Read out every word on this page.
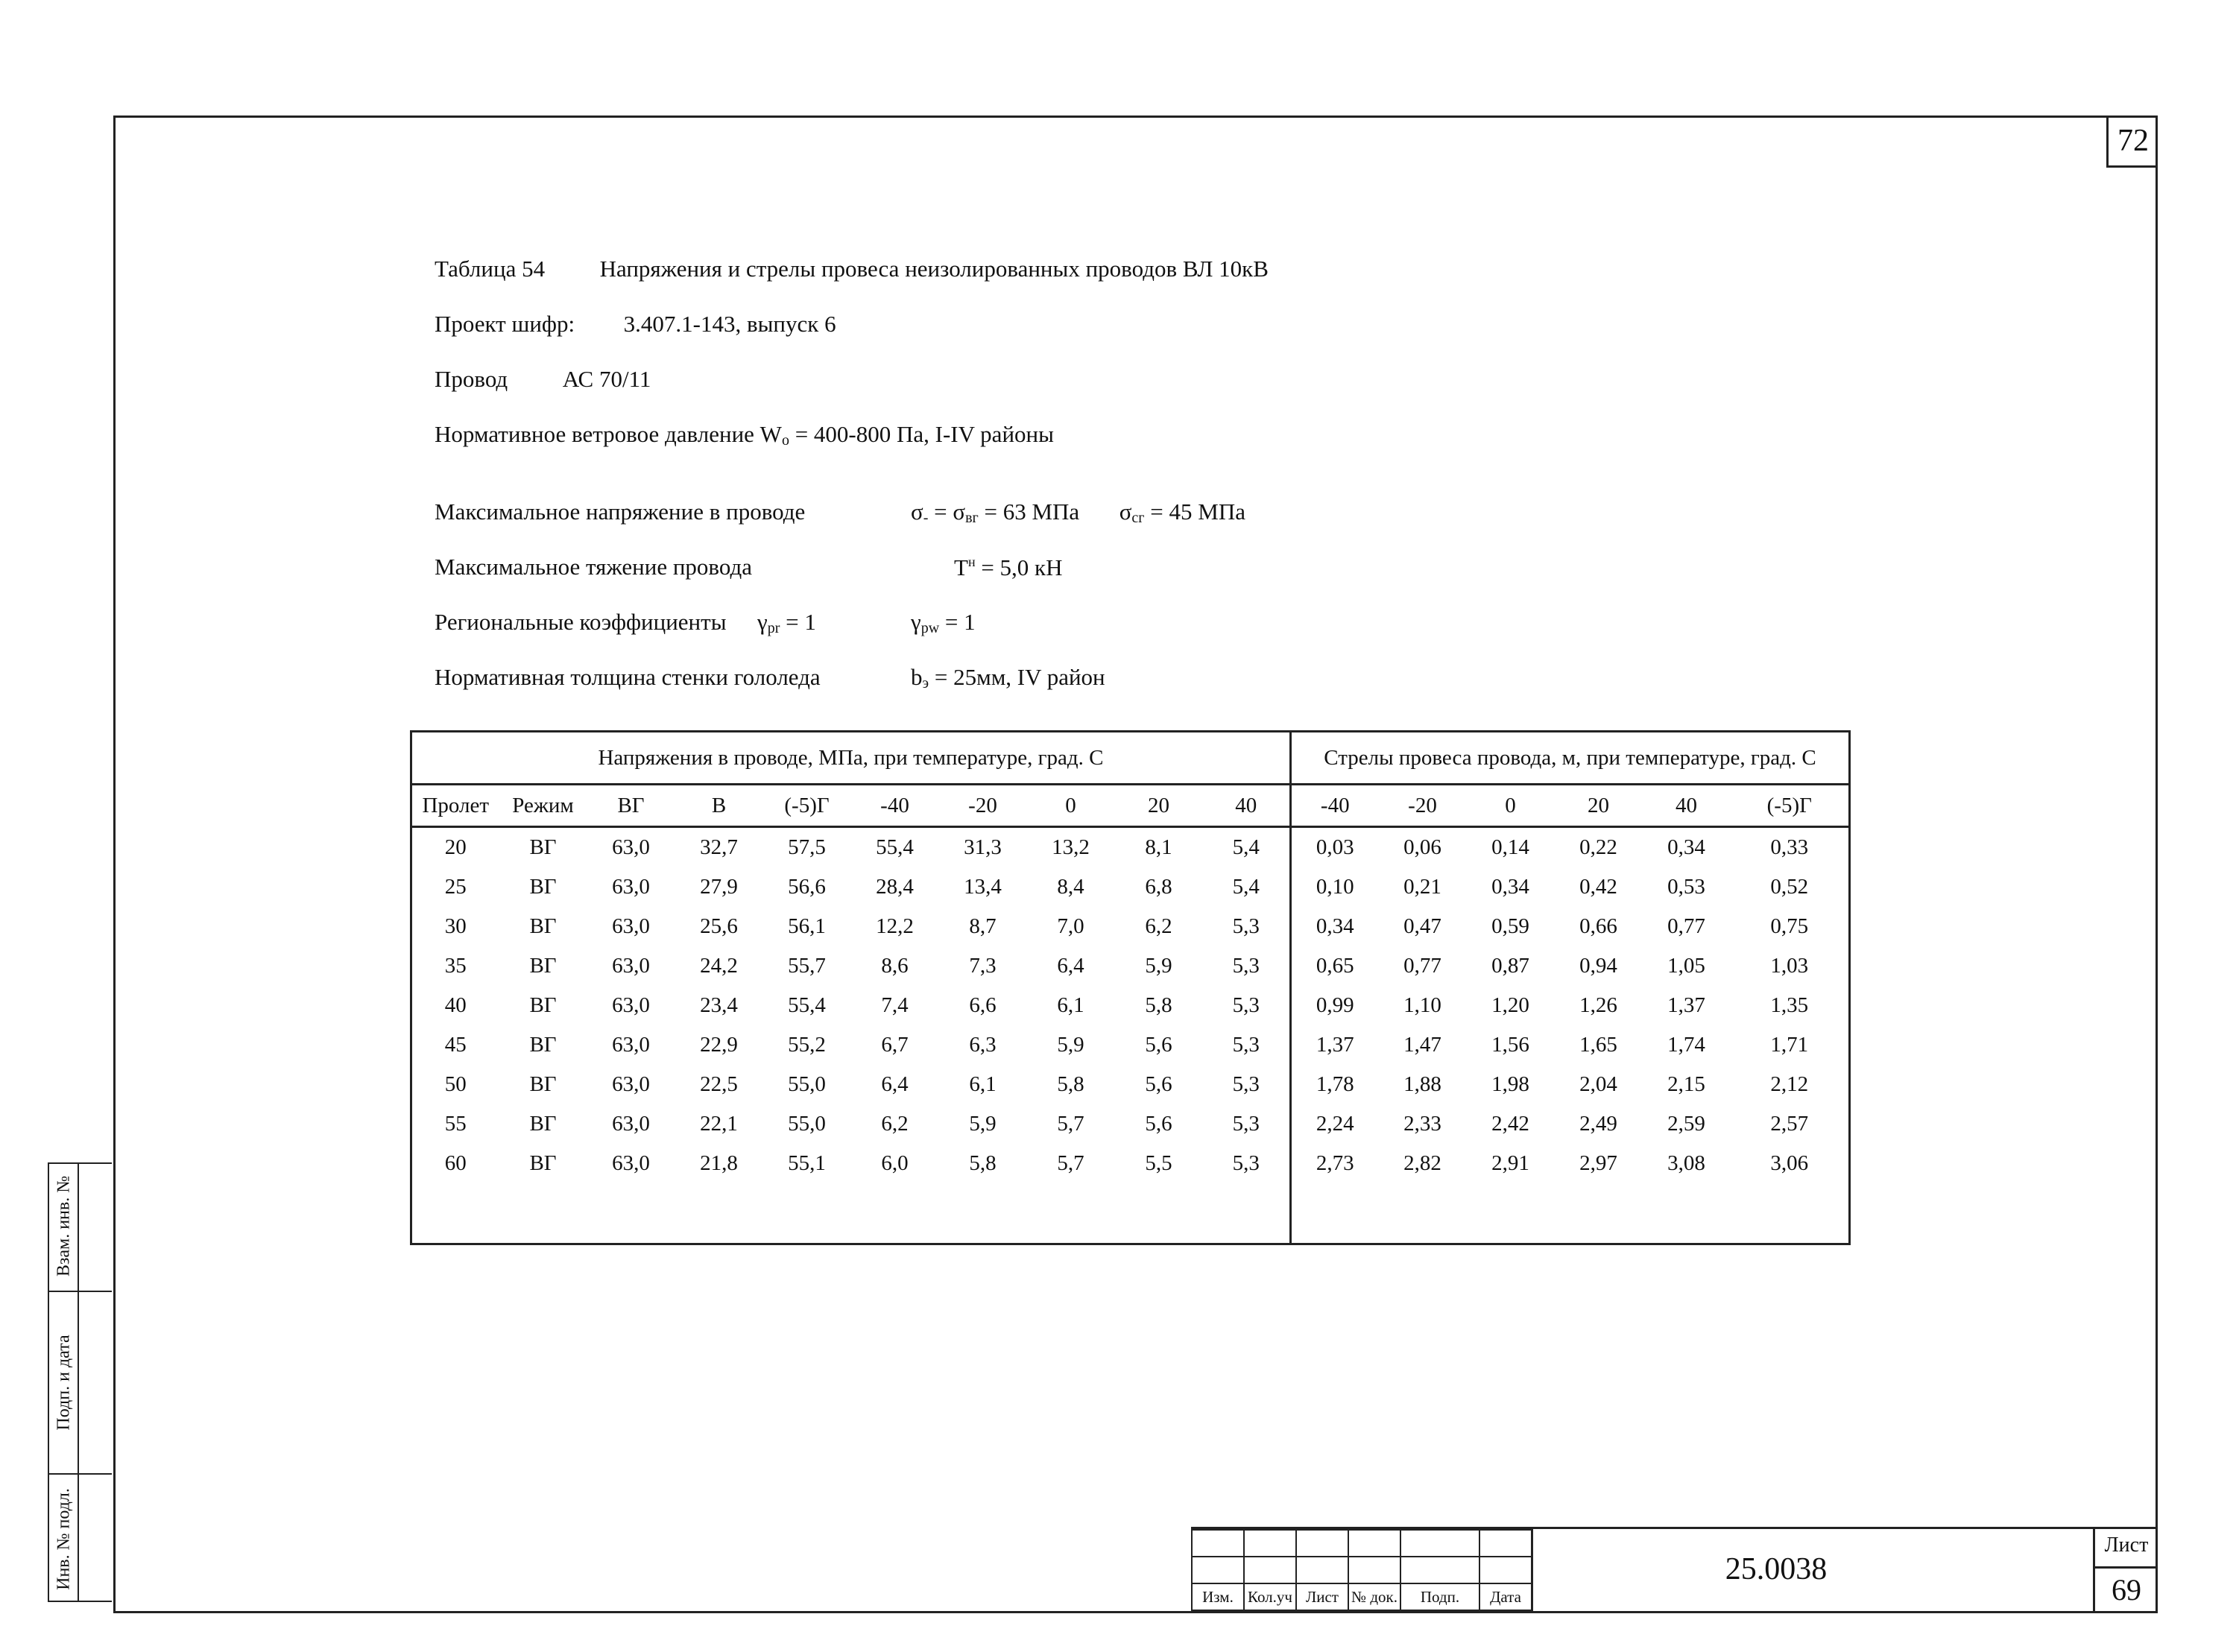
72
Таблица 54 Напряжения и стрелы провеса неизолированных проводов ВЛ 10кВ
Проект шифр: 3.407.1-143, выпуск 6
Провод АС 70/11
Нормативное ветровое давление $W_o = 400-800$ Па, I-IV районы
Максимальное напряжение в проводе	$\sigma_- = \sigma_{вг} = 63$ МПа $\sigma_{сг} = 45$ МПа
Максимальное тяжение провода	$T^н = 5,0$ кН
Региональные коэффициенты $\gamma_{pr} = 1$	$\gamma_{pw} = 1$
Нормативная толщина стенки гололеда	$b_э = 25мм$, IV район
Напряжения в проводе, МПа, при температуре, град. С										Стрелы провеса провода, м, при температуре, град. С					
Пролет	Режим	ВГ	В	(-5)Г	-40	-20	0	20	40	-40	-20	0	20	40	(-5)Г
20	ВГ	63,0	32,7	57,5	55,4	31,3	13,2	8,1	5,4	0,03	0,06	0,14	0,22	0,34	0,33
25	ВГ	63,0	27,9	56,6	28,4	13,4	8,4	6,8	5,4	0,10	0,21	0,34	0,42	0,53	0,52
30	ВГ	63,0	25,6	56,1	12,2	8,7	7,0	6,2	5,3	0,34	0,47	0,59	0,66	0,77	0,75
35	ВГ	63,0	24,2	55,7	8,6	7,3	6,4	5,9	5,3	0,65	0,77	0,87	0,94	1,05	1,03
40	ВГ	63,0	23,4	55,4	7,4	6,6	6,1	5,8	5,3	0,99	1,10	1,20	1,26	1,37	1,35
45	ВГ	63,0	22,9	55,2	6,7	6,3	5,9	5,6	5,3	1,37	1,47	1,56	1,65	1,74	1,71
50	ВГ	63,0	22,5	55,0	6,4	6,1	5,8	5,6	5,3	1,78	1,88	1,98	2,04	2,15	2,12
55	ВГ	63,0	22,1	55,0	6,2	5,9	5,7	5,6	5,3	2,24	2,33	2,42	2,49	2,59	2,57
60	ВГ	63,0	21,8	55,1	6,0	5,8	5,7	5,5	5,3	2,73	2,82	2,91	2,97	3,08	3,06

Инв. № подл.
Подп. и дата
Взам. инв. №

Изм.	Кол.уч	Лист	№ док.	Подп.	Дата
25.0038
Лист
69
